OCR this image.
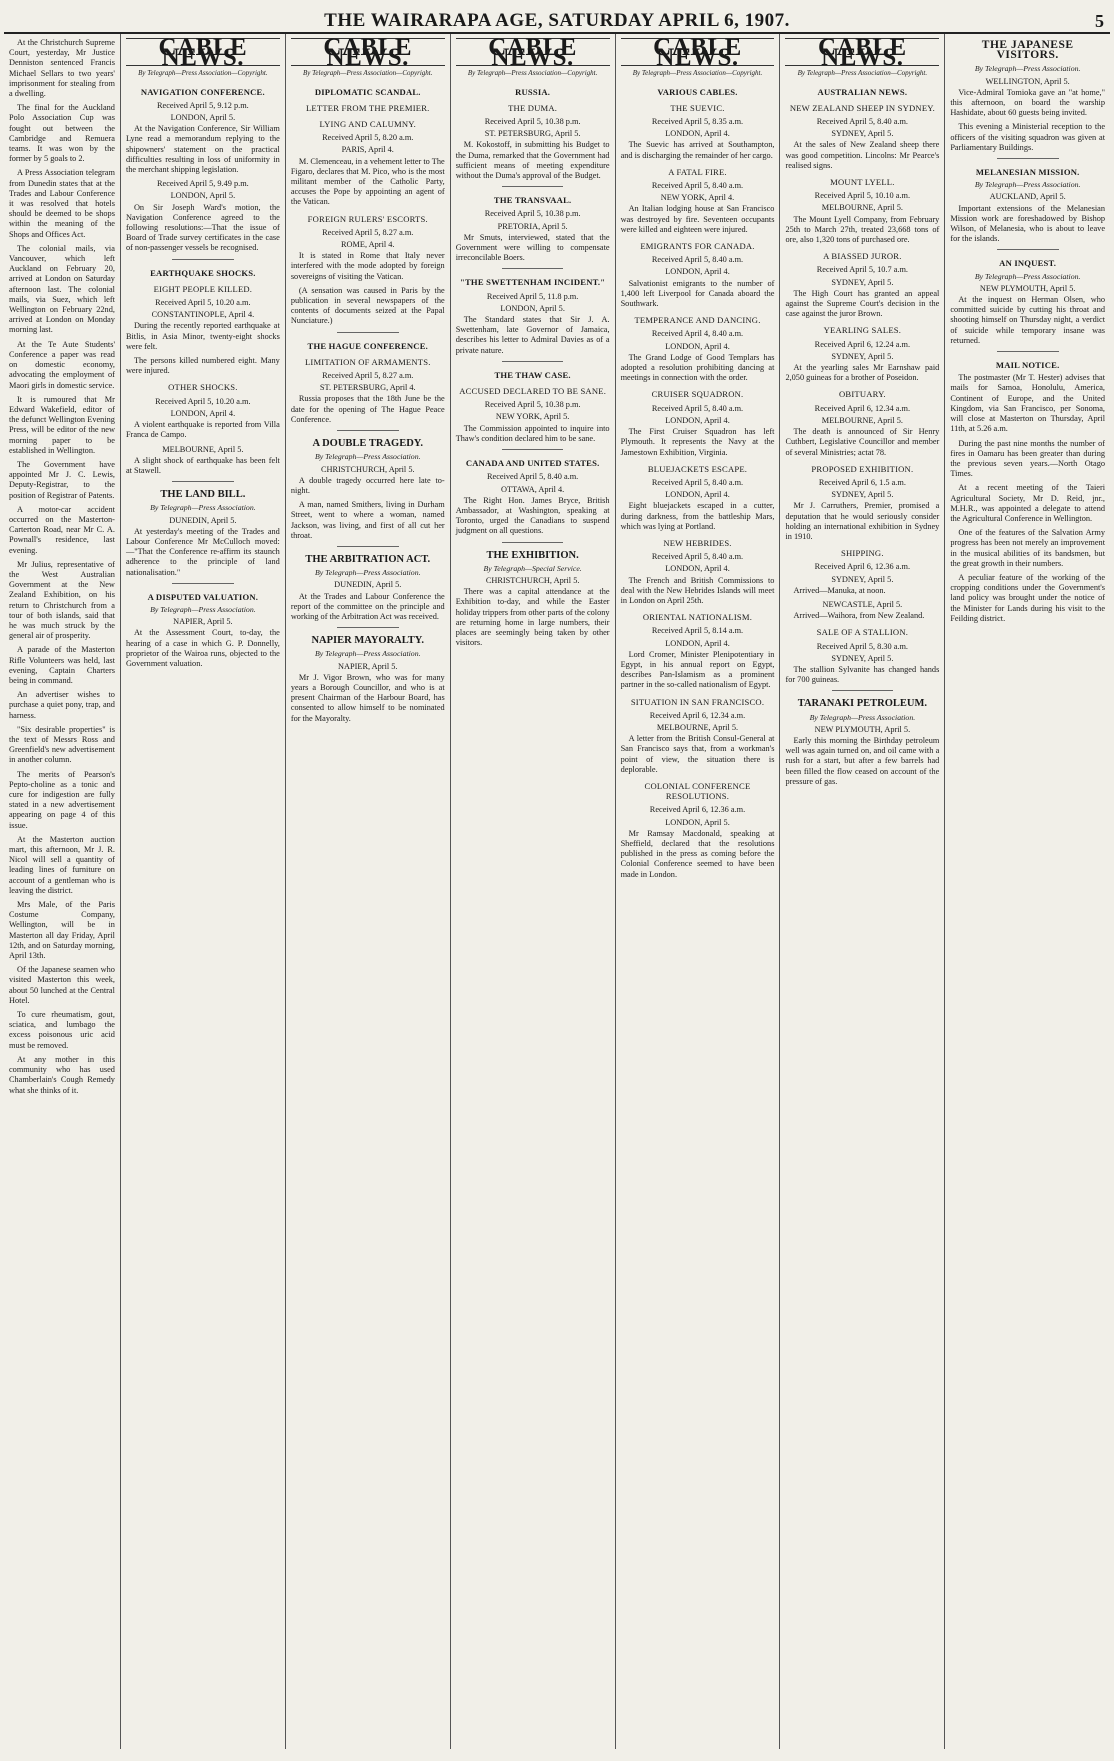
THE WAIRARAPA AGE, SATURDAY APRIL 6, 1907.	5

At the Christchurch Supreme Court, yesterday, Mr Justice Denniston sentenced Francis Michael Sellars to two years' imprisonment for stealing from a dwelling.

The final for the Auckland Polo Association Cup was fought out between the Cambridge and Remuera teams. It was won by the former by 5 goals to 2.

A Press Association telegram from Dunedin states that at the Trades and Labour Conference it was resolved that hotels should be deemed to be shops within the meaning of the Shops and Offices Act.

The colonial mails, via Vancouver, which left Auckland on February 20, arrived at London on Saturday afternoon last. The colonial mails, via Suez, which left Wellington on February 22nd, arrived at London on Monday morning last.

At the Te Aute Students' Conference a paper was read on domestic economy, advocating the employment of Maori girls in domestic service.

It is rumoured that Mr Edward Wakefield, editor of the defunct Wellington Evening Press, will be editor of the new morning paper to be established in Wellington.

The Government have appointed Mr J. C. Lewis, Deputy-Registrar, to the position of Registrar of Patents.

A motor-car accident occurred on the Masterton-Carterton Road, near Mr C. A. Pownall's residence, last evening.

Mr Julius, representative of the West Australian Government at the New Zealand Exhibition, on his return to Christchurch from a tour of both islands, said that he was much struck by the general air of prosperity.

A parade of the Masterton Rifle Volunteers was held, last evening, Captain Charters being in command.

An advertiser wishes to purchase a quiet pony, trap, and harness.

"Six desirable properties" is the text of Messrs Ross and Greenfield's new advertisement in another column.

The merits of Pearson's Pepto-choline as a tonic and cure for indigestion are fully stated in a new advertisement appearing on page 4 of this issue.

At the Masterton auction mart, this afternoon, Mr J. R. Nicol will sell a quantity of leading lines of furniture on account of a gentleman who is leaving the district.

Mrs Male, of the Paris Costume Company, Wellington, will be in Masterton all day Friday, April 12th, and on Saturday morning, April 13th.

Of the Japanese seamen who visited Masterton this week, about 50 lunched at the Central Hotel.

To cure rheumatism, gout, sciatica, and lumbago the excess poisonous uric acid must be removed.

At any mother in this community who has used Chamberlain's Cough Remedy what she thinks of it.

CABLE NEWS.
By Telegraph—Press Association—Copyright.
NAVIGATION CONFERENCE.
Received April 5, 9.12 p.m.
LONDON, April 5.

At the Navigation Conference, Sir William Lyne read a memorandum replying to the shipowners' statement on the practical difficulties resulting in loss of uniformity in the merchant shipping legislation.

Received April 5, 9.49 p.m.
LONDON, April 5.

On Sir Joseph Ward's motion, the Navigation Conference agreed to the following resolutions:—That the issue of Board of Trade survey certificates in the case of non-passenger vessels be recognised.

EARTHQUAKE SHOCKS.
EIGHT PEOPLE KILLED.
Received April 5, 10.20 a.m.
CONSTANTINOPLE, April 4.

During the recently reported earthquake at Bitlis, in Asia Minor, twenty-eight shocks were felt.

The persons killed numbered eight. Many were injured.

OTHER SHOCKS.
Received April 5, 10.20 a.m.
LONDON, April 4.

A violent earthquake is reported from Villa Franca de Campo.

MELBOURNE, April 5.

A slight shock of earthquake has been felt at Stawell.

THE LAND BILL.
By Telegraph—Press Association.
DUNEDIN, April 5.

At yesterday's meeting of the Trades and Labour Conference Mr McCulloch moved:—"That the Conference re-affirm its staunch adherence to the principle of land nationalisation."

A DISPUTED VALUATION.
By Telegraph—Press Association.
NAPIER, April 5.

At the Assessment Court, to-day, the hearing of a case in which G. P. Donnelly, proprietor of the Wairoa runs, objected to the Government valuation.

CABLE NEWS.
By Telegraph—Press Association—Copyright.
DIPLOMATIC SCANDAL.
LETTER FROM THE PREMIER.
LYING AND CALUMNY.
Received April 5, 8.20 a.m.
PARIS, April 4.

M. Clemenceau, in a vehement letter to The Figaro, declares that M. Pico, who is the most militant member of the Catholic Party, accuses the Pope by appointing an agent of the Vatican.

FOREIGN RULERS' ESCORTS.
Received April 5, 8.27 a.m.
ROME, April 4.

It is stated in Rome that Italy never interfered with the mode adopted by foreign sovereigns of visiting the Vatican.

(A sensation was caused in Paris by the publication in several newspapers of the contents of documents seized at the Papal Nunciature.)

THE HAGUE CONFERENCE.
LIMITATION OF ARMAMENTS.
Received April 5, 8.27 a.m.
ST. PETERSBURG, April 4.

Russia proposes that the 18th June be the date for the opening of The Hague Peace Conference.

A DOUBLE TRAGEDY.
By Telegraph—Press Association.
CHRISTCHURCH, April 5.

A double tragedy occurred here late to-night.

A man, named Smithers, living in Durham Street, went to where a woman, named Jackson, was living, and first of all cut her throat.

THE ARBITRATION ACT.
By Telegraph—Press Association.
DUNEDIN, April 5.

At the Trades and Labour Conference the report of the committee on the principle and working of the Arbitration Act was received.

NAPIER MAYORALTY.
By Telegraph—Press Association.
NAPIER, April 5.

Mr J. Vigor Brown, who was for many years a Borough Councillor, and who is at present Chairman of the Harbour Board, has consented to allow himself to be nominated for the Mayoralty.

CABLE NEWS.
By Telegraph—Press Association—Copyright.
RUSSIA.
THE DUMA.
Received April 5, 10.38 p.m.
ST. PETERSBURG, April 5.

M. Kokostoff, in submitting his Budget to the Duma, remarked that the Government had sufficient means of meeting expenditure without the Duma's approval of the Budget.

THE TRANSVAAL.
Received April 5, 10.38 p.m.
PRETORIA, April 5.

Mr Smuts, interviewed, stated that the Government were willing to compensate irreconcilable Boers.

"THE SWETTENHAM INCIDENT."
Received April 5, 11.8 p.m.
LONDON, April 5.

The Standard states that Sir J. A. Swettenham, late Governor of Jamaica, describes his letter to Admiral Davies as of a private nature.

THE THAW CASE.
ACCUSED DECLARED TO BE SANE.
Received April 5, 10.38 p.m.
NEW YORK, April 5.

The Commission appointed to inquire into Thaw's condition declared him to be sane.

CANADA AND UNITED STATES.
Received April 5, 8.40 a.m.
OTTAWA, April 4.

The Right Hon. James Bryce, British Ambassador, at Washington, speaking at Toronto, urged the Canadians to suspend judgment on all questions.

THE EXHIBITION.
By Telegraph—Special Service.
CHRISTCHURCH, April 5.

There was a capital attendance at the Exhibition to-day, and while the Easter holiday trippers from other parts of the colony are returning home in large numbers, their places are seemingly being taken by other visitors.

CABLE NEWS.
By Telegraph—Press Association—Copyright.
VARIOUS CABLES.
THE SUEVIC.
Received April 5, 8.35 a.m.
LONDON, April 4.

The Suevic has arrived at Southampton, and is discharging the remainder of her cargo.

A FATAL FIRE.
Received April 5, 8.40 a.m.
NEW YORK, April 4.

An Italian lodging house at San Francisco was destroyed by fire. Seventeen occupants were killed and eighteen were injured.

EMIGRANTS FOR CANADA.
Received April 5, 8.40 a.m.
LONDON, April 4.

Salvationist emigrants to the number of 1,400 left Liverpool for Canada aboard the Southwark.

TEMPERANCE AND DANCING.
Received April 4, 8.40 a.m.
LONDON, April 4.

The Grand Lodge of Good Templars has adopted a resolution prohibiting dancing at meetings in connection with the order.

CRUISER SQUADRON.
Received April 5, 8.40 a.m.
LONDON, April 4.

The First Cruiser Squadron has left Plymouth. It represents the Navy at the Jamestown Exhibition, Virginia.

BLUEJACKETS ESCAPE.
Received April 5, 8.40 a.m.
LONDON, April 4.

Eight bluejackets escaped in a cutter, during darkness, from the battleship Mars, which was lying at Portland.

NEW HEBRIDES.
Received April 5, 8.40 a.m.
LONDON, April 4.

The French and British Commissions to deal with the New Hebrides Islands will meet in London on April 25th.

ORIENTAL NATIONALISM.
Received April 5, 8.14 a.m.
LONDON, April 4.

Lord Cromer, Minister Plenipotentiary in Egypt, in his annual report on Egypt, describes Pan-Islamism as a prominent partner in the so-called nationalism of Egypt.

SITUATION IN SAN FRANCISCO.
Received April 6, 12.34 a.m.
MELBOURNE, April 5.

A letter from the British Consul-General at San Francisco says that, from a workman's point of view, the situation there is deplorable.

COLONIAL CONFERENCE RESOLUTIONS.
Received April 6, 12.36 a.m.
LONDON, April 5.

Mr Ramsay Macdonald, speaking at Sheffield, declared that the resolutions published in the press as coming before the Colonial Conference seemed to have been made in London.

CABLE NEWS.
By Telegraph—Press Association—Copyright.
AUSTRALIAN NEWS.
NEW ZEALAND SHEEP IN SYDNEY.
Received April 5, 8.40 a.m.
SYDNEY, April 5.

At the sales of New Zealand sheep there was good competition. Lincolns: Mr Pearce's realised signs.

MOUNT LYELL.
Received April 5, 10.10 a.m.
MELBOURNE, April 5.

The Mount Lyell Company, from February 25th to March 27th, treated 23,668 tons of ore, also 1,320 tons of purchased ore.

A BIASSED JUROR.
Received April 5, 10.7 a.m.
SYDNEY, April 5.

The High Court has granted an appeal against the Supreme Court's decision in the case against the juror Brown.

YEARLING SALES.
Received April 6, 12.24 a.m.
SYDNEY, April 5.

At the yearling sales Mr Earnshaw paid 2,050 guineas for a brother of Poseidon.

OBITUARY.
Received April 6, 12.34 a.m.
MELBOURNE, April 5.

The death is announced of Sir Henry Cuthbert, Legislative Councillor and member of several Ministries; actat 78.

PROPOSED EXHIBITION.
Received April 6, 1.5 a.m.
SYDNEY, April 5.

Mr J. Carruthers, Premier, promised a deputation that he would seriously consider holding an international exhibition in Sydney in 1910.

SHIPPING.
Received April 6, 12.36 a.m.
SYDNEY, April 5.

Arrived—Manuka, at noon.

NEWCASTLE, April 5.

Arrived—Waihora, from New Zealand.

SALE OF A STALLION.
Received April 5, 8.30 a.m.
SYDNEY, April 5.

The stallion Sylvanite has changed hands for 700 guineas.

TARANAKI PETROLEUM.
By Telegraph—Press Association.
NEW PLYMOUTH, April 5.

Early this morning the Birthday petroleum well was again turned on, and oil came with a rush for a start, but after a few barrels had been filled the flow ceased on account of the pressure of gas.

THE JAPANESE VISITORS.
By Telegraph—Press Association.
WELLINGTON, April 5.

Vice-Admiral Tomioka gave an "at home," this afternoon, on board the warship Hashidate, about 60 guests being invited.

This evening a Ministerial reception to the officers of the visiting squadron was given at Parliamentary Buildings.

MELANESIAN MISSION.
By Telegraph—Press Association.
AUCKLAND, April 5.

Important extensions of the Melanesian Mission work are foreshadowed by Bishop Wilson, of Melanesia, who is about to leave for the islands.

AN INQUEST.
By Telegraph—Press Association.
NEW PLYMOUTH, April 5.

At the inquest on Herman Olsen, who committed suicide by cutting his throat and shooting himself on Thursday night, a verdict of suicide while temporary insane was returned.

MAIL NOTICE.

The postmaster (Mr T. Hester) advises that mails for Samoa, Honolulu, America, Continent of Europe, and the United Kingdom, via San Francisco, per Sonoma, will close at Masterton on Thursday, April 11th, at 5.26 a.m.

During the past nine months the number of fires in Oamaru has been greater than during the previous seven years.—North Otago Times.

At a recent meeting of the Taieri Agricultural Society, Mr D. Reid, jnr., M.H.R., was appointed a delegate to attend the Agricultural Conference in Wellington.

One of the features of the Salvation Army progress has been not merely an improvement in the musical abilities of its bandsmen, but the great growth in their numbers.

A peculiar feature of the working of the cropping conditions under the Government's land policy was brought under the notice of the Minister for Lands during his visit to the Feilding district.
